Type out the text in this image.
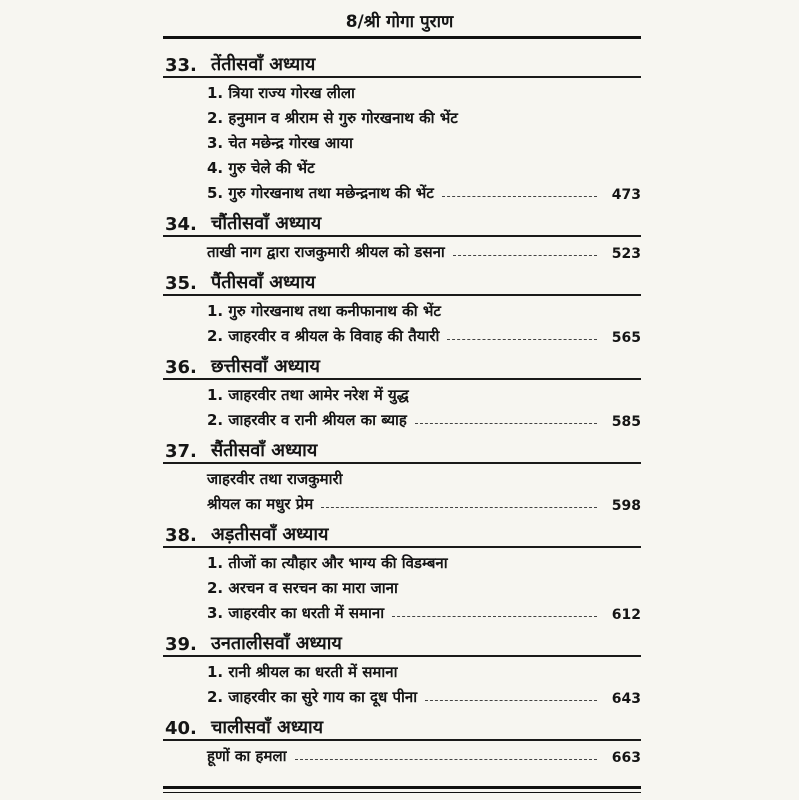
8/श्री गोगा पुराण
33. तेंतीसवाँ अध्याय
1. त्रिया राज्य गोरख लीला
2. हनुमान व श्रीराम से गुरु गोरखनाथ की भेंट
3. चेत मछेन्द्र गोरख आया
4. गुरु चेले की भेंट
5. गुरु गोरखनाथ तथा मछेन्द्रनाथ की भेंट	473
34. चौंतीसवाँ अध्याय
ताखी नाग द्वारा राजकुमारी श्रीयल को डसना	523
35. पैंतीसवाँ अध्याय
1. गुरु गोरखनाथ तथा कनीफानाथ की भेंट
2. जाहरवीर व श्रीयल के विवाह की तैयारी	565
36. छत्तीसवाँ अध्याय
1. जाहरवीर तथा आमेर नरेश में युद्ध
2. जाहरवीर व रानी श्रीयल का ब्याह	585
37. सैंतीसवाँ अध्याय
जाहरवीर तथा राजकुमारी
श्रीयल का मधुर प्रेम	598
38. अड़तीसवाँ अध्याय
1. तीजों का त्यौहार और भाग्य की विडम्बना
2. अरचन व सरचन का मारा जाना
3. जाहरवीर का धरती में समाना	612
39. उनतालीसवाँ अध्याय
1. रानी श्रीयल का धरती में समाना
2. जाहरवीर का सुरे गाय का दूध पीना	643
40. चालीसवाँ अध्याय
हूणों का हमला	663
